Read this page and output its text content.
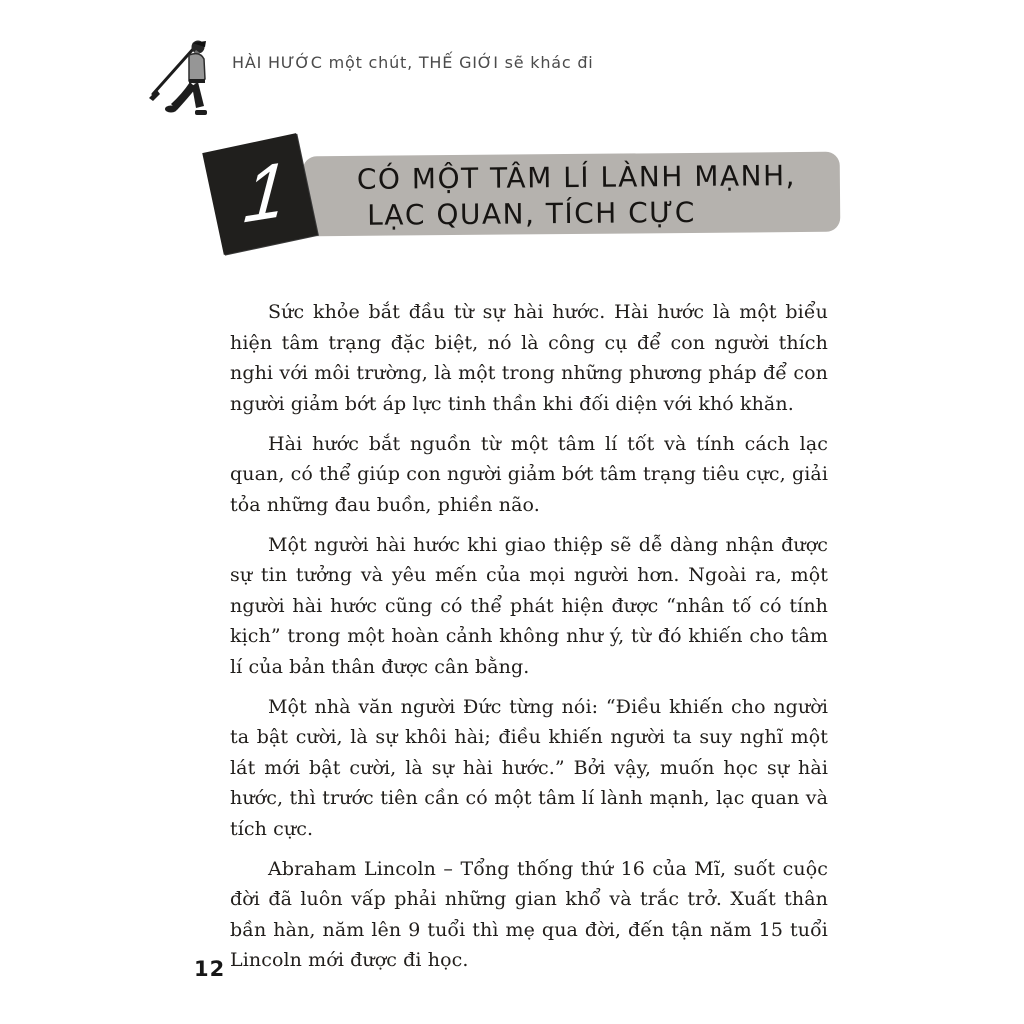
HÀI HƯỚC một chút, THẾ GIỚI sẽ khác đi
CÓ MỘT TÂM LÍ LÀNH MẠNH,
LẠC QUAN, TÍCH CỰC
1

Sức khỏe bắt đầu từ sự hài hước. Hài hước là một biểu hiện tâm trạng đặc biệt, nó là công cụ để con người thích nghi với môi trường, là một trong những phương pháp để con người giảm bớt áp lực tinh thần khi đối diện với khó khăn.

Hài hước bắt nguồn từ một tâm lí tốt và tính cách lạc quan, có thể giúp con người giảm bớt tâm trạng tiêu cực, giải tỏa những đau buồn, phiền não.

Một người hài hước khi giao thiệp sẽ dễ dàng nhận được sự tin tưởng và yêu mến của mọi người hơn. Ngoài ra, một người hài hước cũng có thể phát hiện được “nhân tố có tính kịch” trong một hoàn cảnh không như ý, từ đó khiến cho tâm lí của bản thân được cân bằng.

Một nhà văn người Đức từng nói: “Điều khiến cho người ta bật cười, là sự khôi hài; điều khiến người ta suy nghĩ một lát mới bật cười, là sự hài hước.” Bởi vậy, muốn học sự hài hước, thì trước tiên cần có một tâm lí lành mạnh, lạc quan và tích cực.

Abraham Lincoln – Tổng thống thứ 16 của Mĩ, suốt cuộc đời đã luôn vấp phải những gian khổ và trắc trở. Xuất thân bần hàn, năm lên 9 tuổi thì mẹ qua đời, đến tận năm 15 tuổi Lincoln mới được đi học.

12
